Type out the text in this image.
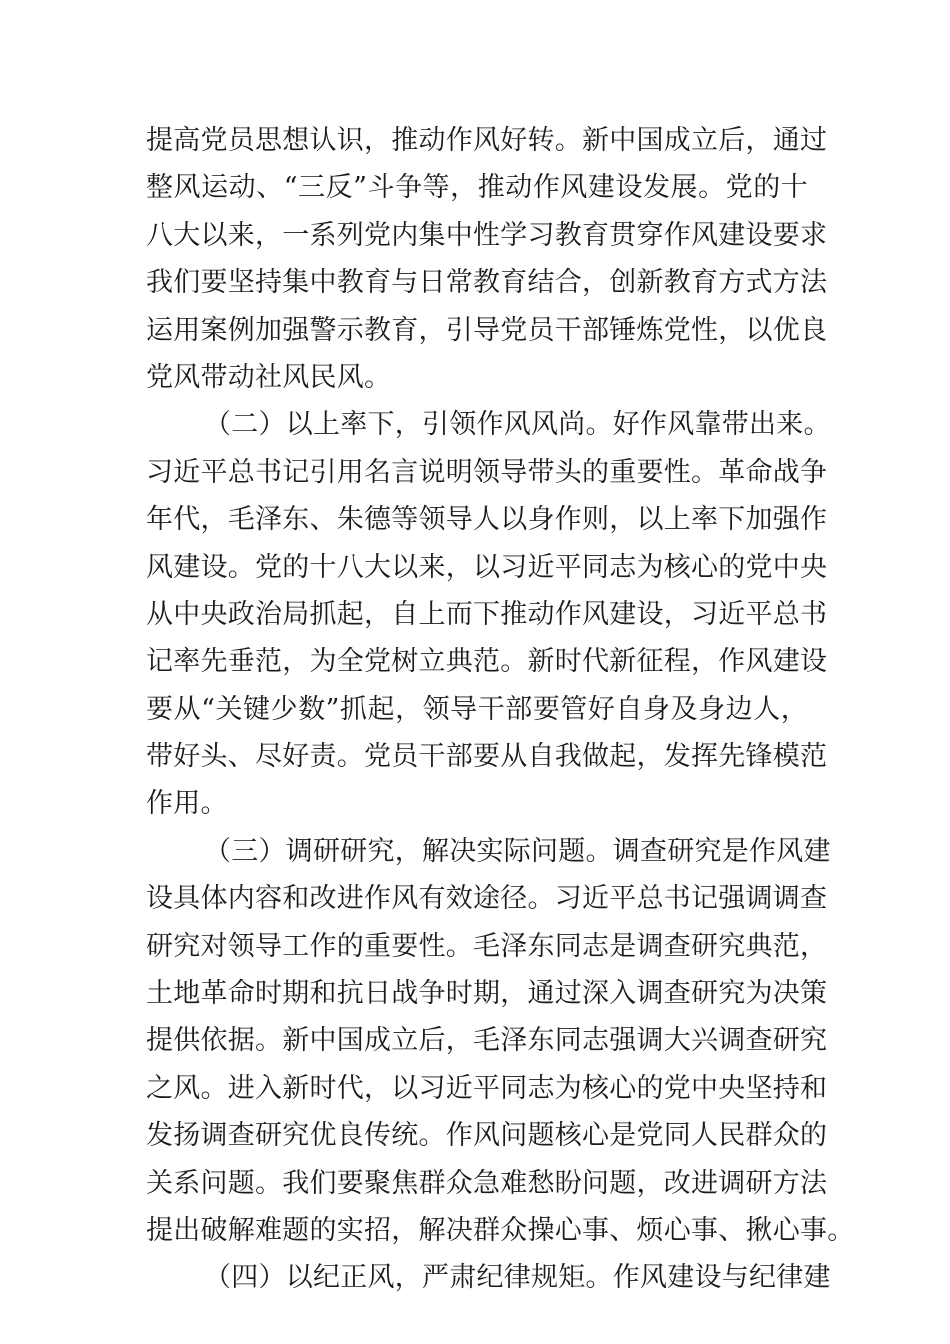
提高党员思想认识，推动作风好转。新中国成立后，通过
整风运动、“三反”斗争等，推动作风建设发展。党的十
八大以来，一系列党内集中性学习教育贯穿作风建设要求
我们要坚持集中教育与日常教育结合，创新教育方式方法
运用案例加强警示教育，引导党员干部锤炼党性，以优良
党风带动社风民风。
（二）以上率下，引领作风风尚。好作风靠带出来。
习近平总书记引用名言说明领导带头的重要性。革命战争
年代，毛泽东、朱德等领导人以身作则，以上率下加强作
风建设。党的十八大以来，以习近平同志为核心的党中央
从中央政治局抓起，自上而下推动作风建设，习近平总书
记率先垂范，为全党树立典范。新时代新征程，作风建设
要从“关键少数”抓起，领导干部要管好自身及身边人，
带好头、尽好责。党员干部要从自我做起，发挥先锋模范
作用。
（三）调研研究，解决实际问题。调查研究是作风建
设具体内容和改进作风有效途径。习近平总书记强调调查
研究对领导工作的重要性。毛泽东同志是调查研究典范，
土地革命时期和抗日战争时期，通过深入调查研究为决策
提供依据。新中国成立后，毛泽东同志强调大兴调查研究
之风。进入新时代，以习近平同志为核心的党中央坚持和
发扬调查研究优良传统。作风问题核心是党同人民群众的
关系问题。我们要聚焦群众急难愁盼问题，改进调研方法
提出破解难题的实招，解决群众操心事、烦心事、揪心事。
（四）以纪正风，严肃纪律规矩。作风建设与纪律建
